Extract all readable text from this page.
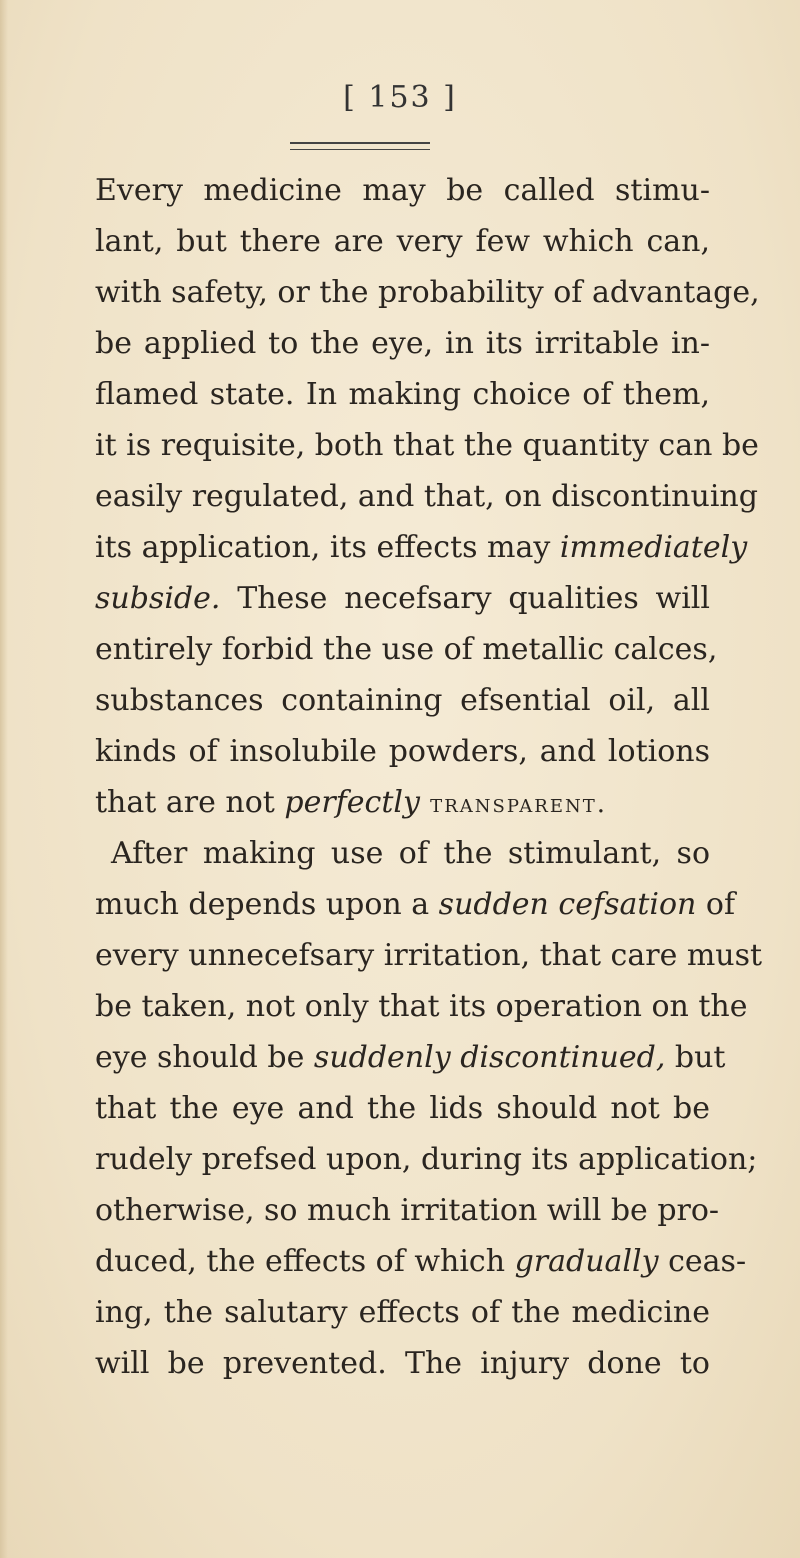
[ 153 ]
Every medicine may be called stimu-
lant, but there are very few which can,
with safety, or the probability of advantage,
be applied to the eye, in its irritable in-
flamed state. In making choice of them,
it is requisite, both that the quantity can be
easily regulated, and that, on discontinuing
its application, its effects may immediately
subside. These necefsary qualities will
entirely forbid the use of metallic calces,
substances containing efsential oil, all
kinds of insolubile powders, and lotions
that are not perfectly transparent.
After making use of the stimulant, so
much depends upon a sudden cefsation of
every unnecefsary irritation, that care must
be taken, not only that its operation on the
eye should be suddenly discontinued, but
that the eye and the lids should not be
rudely prefsed upon, during its application;
otherwise, so much irritation will be pro-
duced, the effects of which gradually ceas-
ing, the salutary effects of the medicine
will be prevented. The injury done to
